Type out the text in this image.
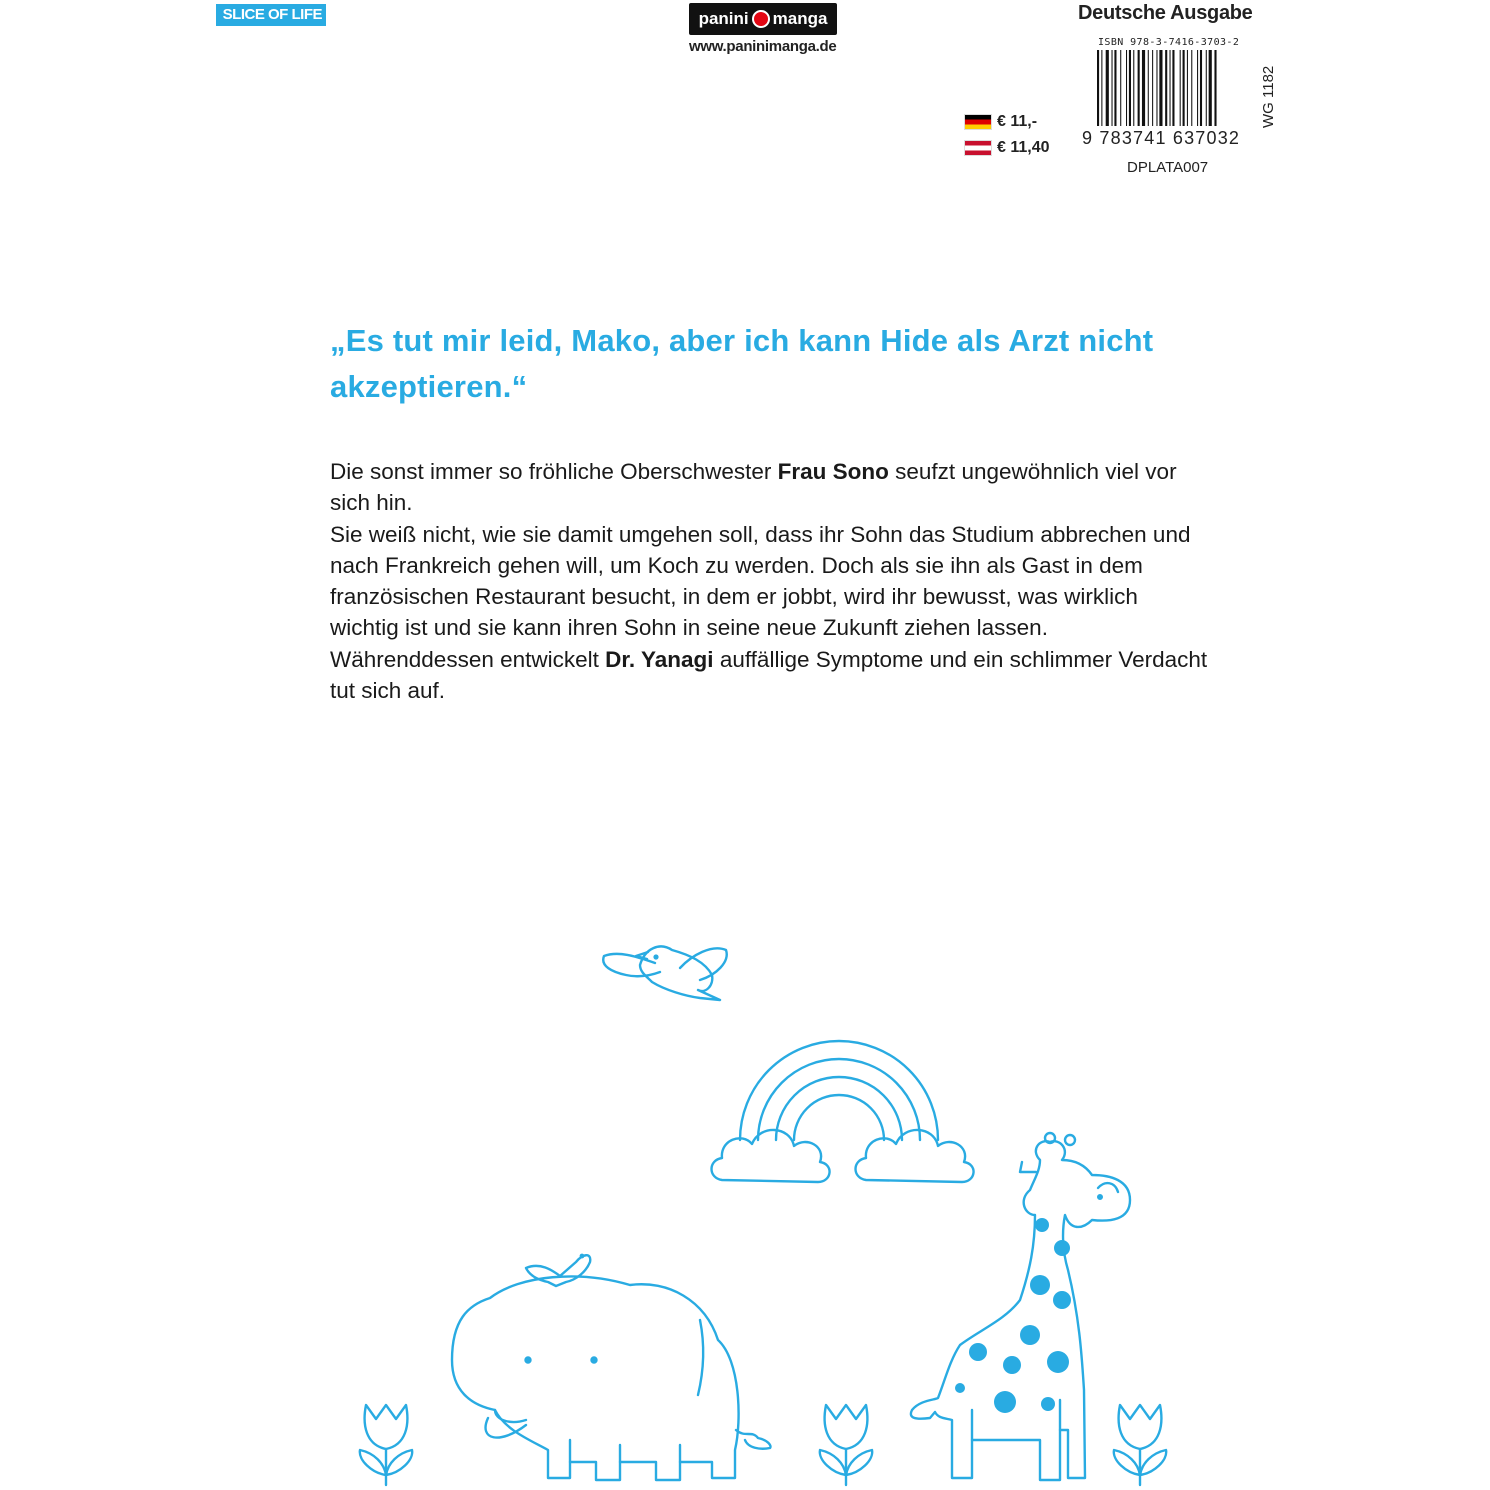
SLICE OF LIFE	panini manga
www.paninimanga.de
Deutsche Ausgabe
ISBN 978-3-7416-3703-2
9 783741 637032
DPLATA007
WG 1182
€ 11,-
€ 11,40
„Es tut mir leid, Mako, aber ich kann Hide als Arzt nicht akzeptieren.“

Die sonst immer so fröhliche Oberschwester Frau Sono seufzt ungewöhnlich viel vor sich hin.

Sie weiß nicht, wie sie damit umgehen soll, dass ihr Sohn das Studium abbrechen und nach Frankreich gehen will, um Koch zu werden. Doch als sie ihn als Gast in dem französischen Restaurant besucht, in dem er jobbt, wird ihr bewusst, was wirklich wichtig ist und sie kann ihren Sohn in seine neue Zukunft ziehen lassen.

Währenddessen entwickelt Dr. Yanagi auffällige Symptome und ein schlimmer Verdacht tut sich auf.
